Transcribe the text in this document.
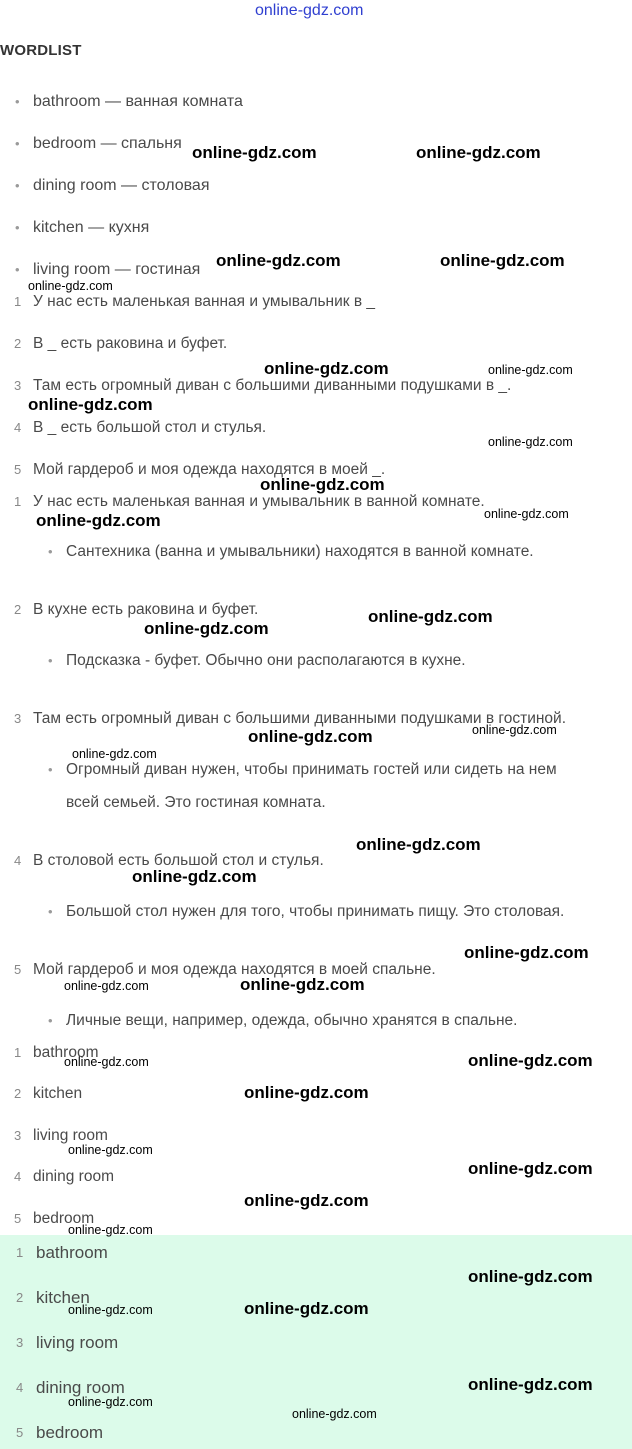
online-gdz.com
WORDLIST
• bathroom — ванная комната
• bedroom — спальня
• dining room — столовая
• kitchen — кухня
• living room — гостиная
1 У нас есть маленькая ванная и умывальник в _
2 В _ есть раковина и буфет.
3 Там есть огромный диван с большими диванными подушками в _.
4 В _ есть большой стол и стулья.
5 Мой гардероб и моя одежда находятся в моей _.
1 У нас есть маленькая ванная и умывальник в ванной комнате.
• Сантехника (ванна и умывальники) находятся в ванной комнате.
2 В кухне есть раковина и буфет.
• Подсказка - буфет. Обычно они располагаются в кухне.
3 Там есть огромный диван с большими диванными подушками в гостиной.
• Огромный диван нужен, чтобы принимать гостей или сидеть на нем
всей семьей. Это гостиная комната.
4 В столовой есть большой стол и стулья.
• Большой стол нужен для того, чтобы принимать пищу. Это столовая.
5 Мой гардероб и моя одежда находятся в моей спальне.
• Личные вещи, например, одежда, обычно хранятся в спальне.
1 bathroom
2 kitchen
3 living room
4 dining room
5 bedroom
1 bathroom
2 kitchen
3 living room
4 dining room
5 bedroom
online-gdz.com	online-gdz.com
online-gdz.com	online-gdz.com
online-gdz.com
online-gdz.com	online-gdz.com
online-gdz.com
online-gdz.com
online-gdz.com
online-gdz.com
online-gdz.com
online-gdz.com
online-gdz.com
online-gdz.com
online-gdz.com
online-gdz.com
online-gdz.com
online-gdz.com
online-gdz.com
online-gdz.com
online-gdz.com
online-gdz.com
online-gdz.com
online-gdz.com
online-gdz.com
online-gdz.com
online-gdz.com
online-gdz.com
online-gdz.com
online-gdz.com
online-gdz.com
online-gdz.com
online-gdz.com
online-gdz.com
